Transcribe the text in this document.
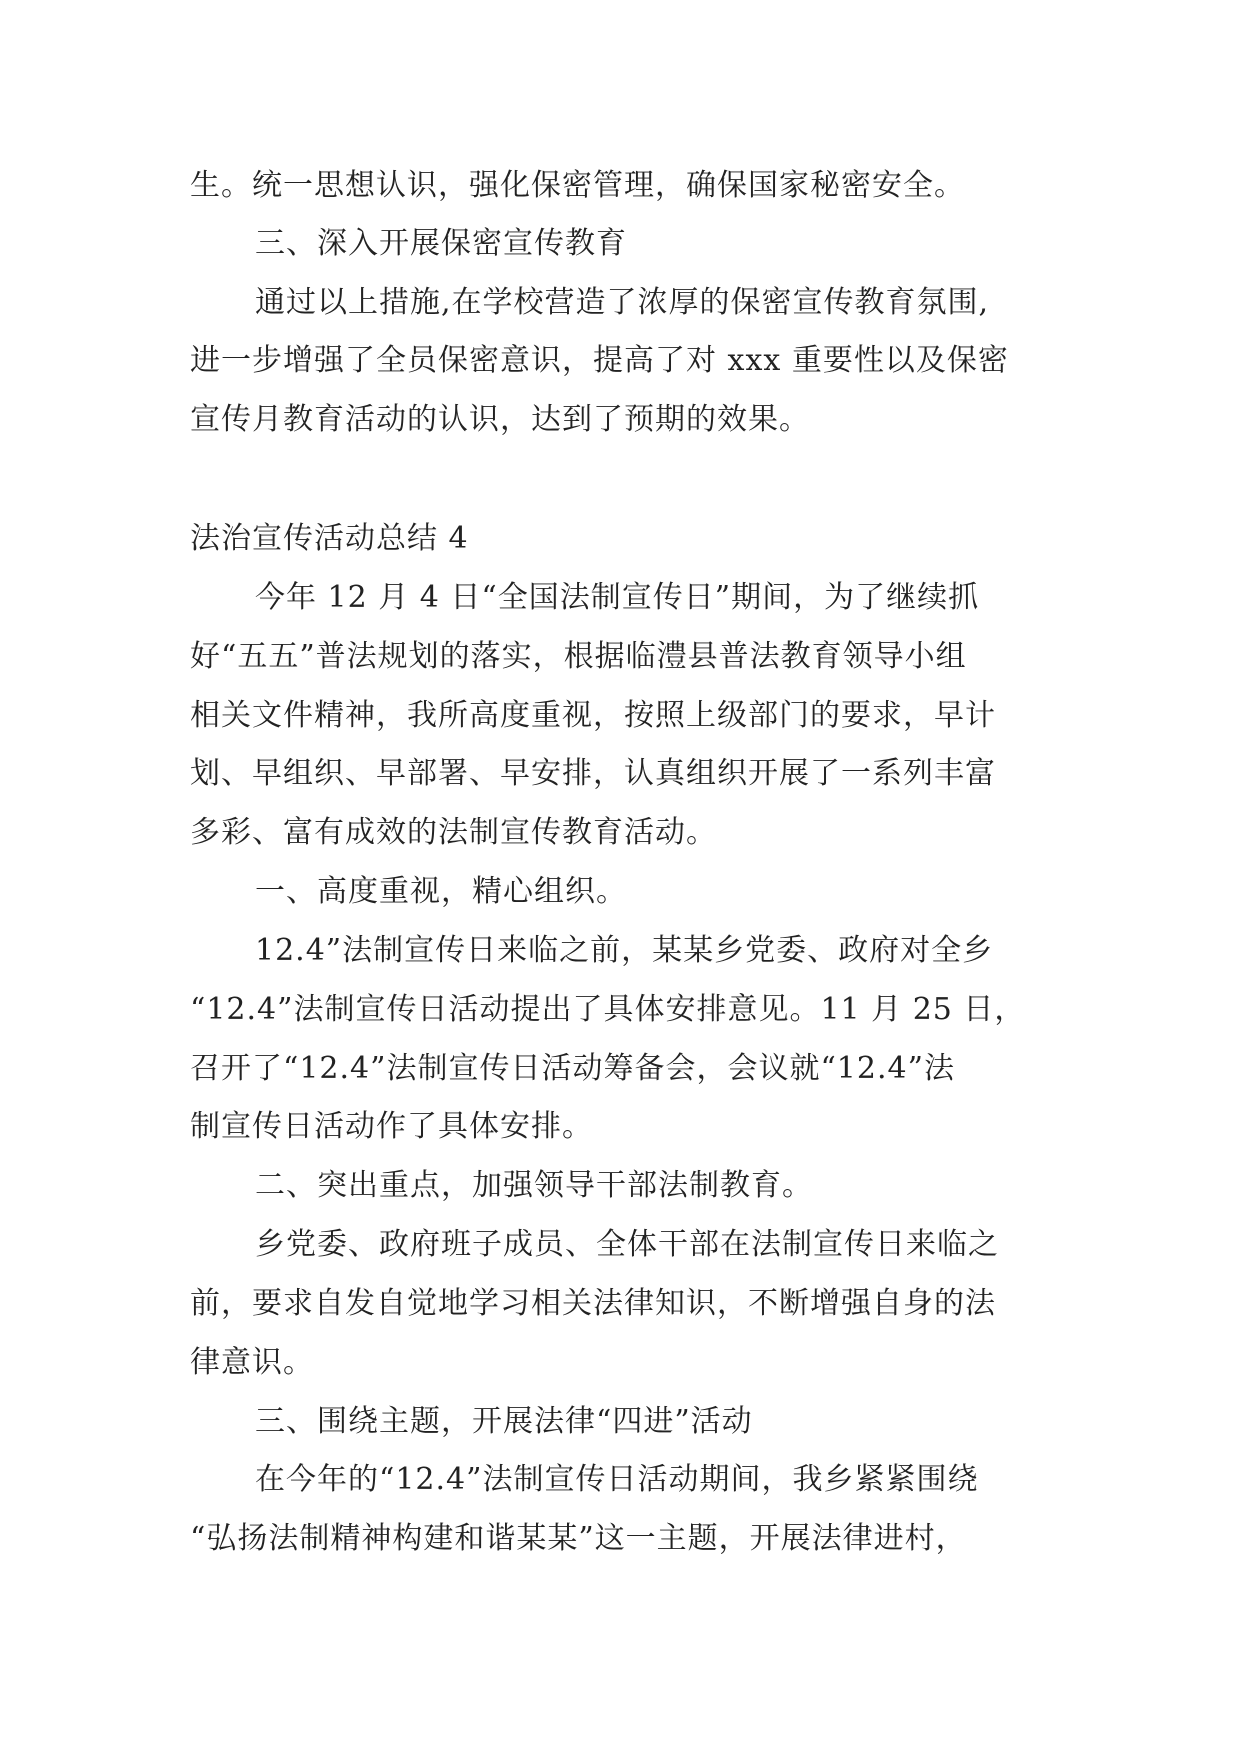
生。统一思想认识，强化保密管理，确保国家秘密安全。
三、深入开展保密宣传教育
通过以上措施,在学校营造了浓厚的保密宣传教育氛围,
进一步增强了全员保密意识，提高了对 xxx 重要性以及保密
宣传月教育活动的认识，达到了预期的效果。
法治宣传活动总结 4
今年 12 月 4 日“全国法制宣传日”期间，为了继续抓
好“五五”普法规划的落实，根据临澧县普法教育领导小组
相关文件精神，我所高度重视，按照上级部门的要求，早计
划、早组织、早部署、早安排，认真组织开展了一系列丰富
多彩、富有成效的法制宣传教育活动。
一、高度重视，精心组织。
12.4”法制宣传日来临之前，某某乡党委、政府对全乡
“12.4”法制宣传日活动提出了具体安排意见。11 月 25 日，
召开了“12.4”法制宣传日活动筹备会，会议就“12.4”法
制宣传日活动作了具体安排。
二、突出重点，加强领导干部法制教育。
乡党委、政府班子成员、全体干部在法制宣传日来临之
前，要求自发自觉地学习相关法律知识，不断增强自身的法
律意识。
三、围绕主题，开展法律“四进”活动
在今年的“12.4”法制宣传日活动期间，我乡紧紧围绕
“弘扬法制精神构建和谐某某”这一主题，开展法律进村，
